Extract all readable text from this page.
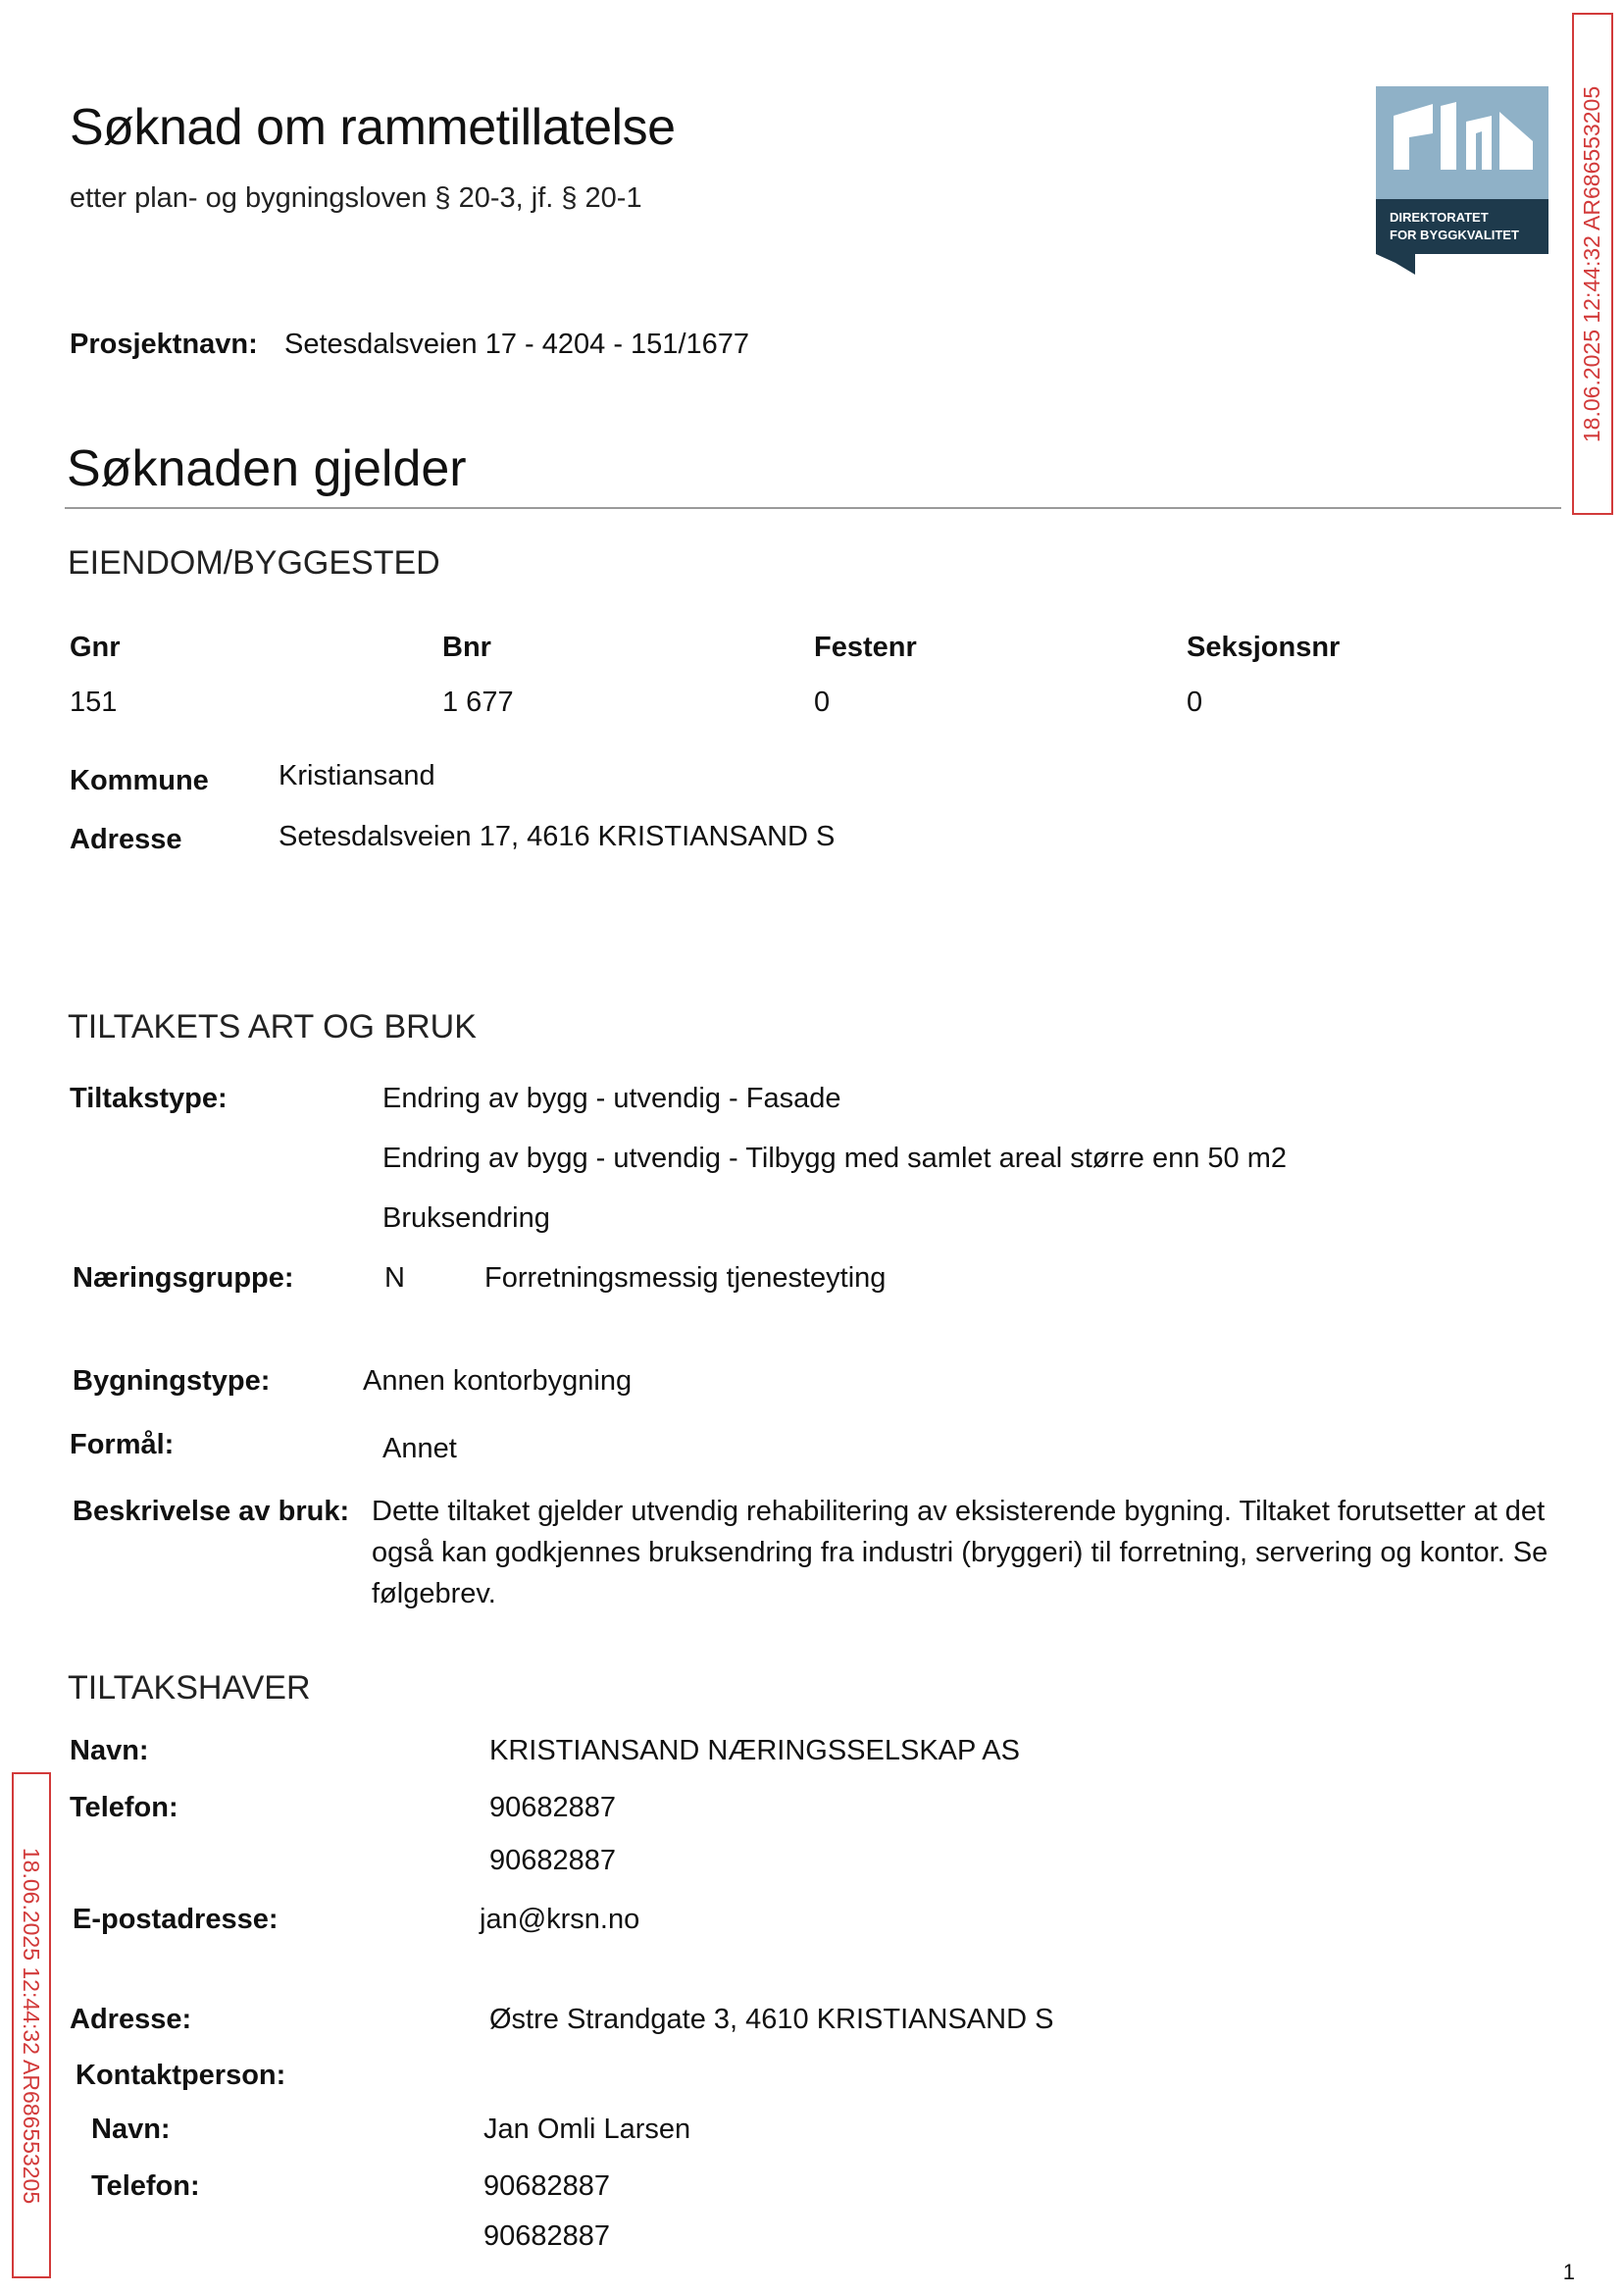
Søknad om rammetillatelse
etter plan- og bygningsloven § 20-3, jf. § 20-1
DIREKTORATET
FOR BYGGKVALITET	18.06.2025 12:44:32 AR686553205
18.06.2025 12:44:32 AR686553205
Prosjektnavn: Setesdalsveien 17 - 4204 - 151/1677
Søknaden gjelder
EIENDOM/BYGGESTED
Gnr	Bnr	Festenr	Seksjonsnr
151	1 677	0	0
Kommune Kristiansand
Adresse	Setesdalsveien 17, 4616 KRISTIANSAND S
TILTAKETS ART OG BRUK
Tiltakstype:	Endring av bygg - utvendig - Fasade
Endring av bygg - utvendig - Tilbygg med samlet areal større enn 50 m2
Bruksendring
Næringsgruppe:	N	Forretningsmessig tjenesteyting
Bygningstype:	Annen kontorbygning
Formål:	Annet
Beskrivelse av bruk: Dette tiltaket gjelder utvendig rehabilitering av eksisterende bygning. Tiltaket forutsetter at det også kan godkjennes bruksendring fra industri (bryggeri) til forretning, servering og kontor. Se følgebrev.
TILTAKSHAVER
Navn:	KRISTIANSAND NÆRINGSSELSKAP AS
Telefon:	90682887
90682887
E-postadresse:	jan@krsn.no
Adresse:	Østre Strandgate 3, 4610 KRISTIANSAND S
Kontaktperson:
Navn:	Jan Omli Larsen
Telefon:	90682887
90682887
1
